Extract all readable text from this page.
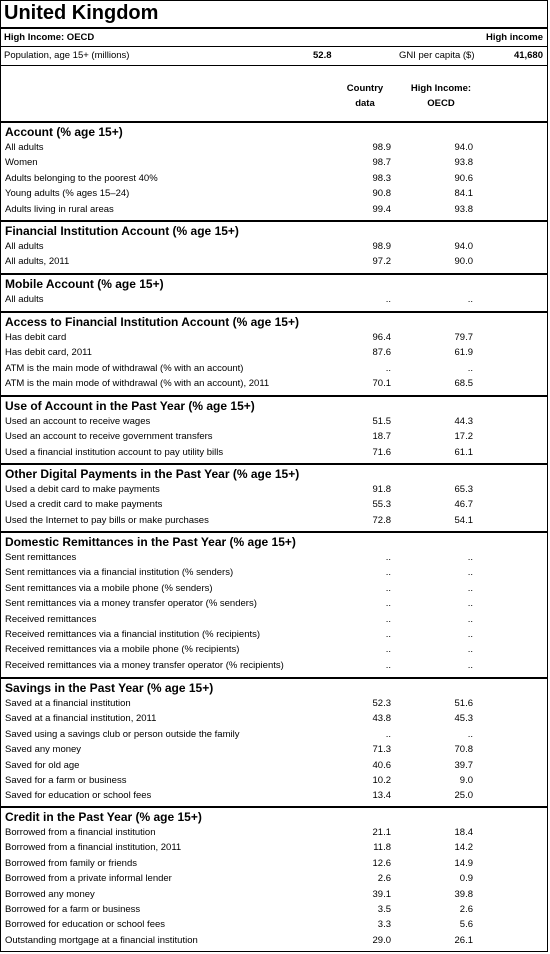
United Kingdom
High Income: OECD	High income
Population, age 15+ (millions)	52.8	GNI per capita ($)	41,680
Country
data
High Income:
OECD
Account (% age 15+)
All adults	98.9	94.0
Women	98.7	93.8
Adults belonging to the poorest 40%	98.3	90.6
Young adults (% ages 15–24)	90.8	84.1
Adults living in rural areas	99.4	93.8
Financial Institution Account (% age 15+)
All adults	98.9	94.0
All adults, 2011	97.2	90.0
Mobile Account (% age 15+)
All adults	..	..
Access to Financial Institution Account (% age 15+)
Has debit card	96.4	79.7
Has debit card, 2011	87.6	61.9
ATM is the main mode of withdrawal (% with an account)	..	..
ATM is the main mode of withdrawal (% with an account), 2011	70.1	68.5
Use of Account in the Past Year (% age 15+)
Used an account to receive wages	51.5	44.3
Used an account to receive government transfers	18.7	17.2
Used a financial institution account to pay utility bills	71.6	61.1
Other Digital Payments in the Past Year (% age 15+)
Used a debit card to make payments	91.8	65.3
Used a credit card to make payments	55.3	46.7
Used the Internet to pay bills or make purchases	72.8	54.1
Domestic Remittances in the Past Year (% age 15+)
Sent remittances	..	..
Sent remittances via a financial institution (% senders)	..	..
Sent remittances via a mobile phone (% senders)	..	..
Sent remittances via a money transfer operator (% senders)	..	..
Received remittances	..	..
Received remittances via a financial institution (% recipients)	..	..
Received remittances via a mobile phone (% recipients)	..	..
Received remittances via a money transfer operator (% recipients)	..	..
Savings in the Past Year (% age 15+)
Saved at a financial institution	52.3	51.6
Saved at a financial institution, 2011	43.8	45.3
Saved using a savings club or person outside the family	..	..
Saved any money	71.3	70.8
Saved for old age	40.6	39.7
Saved for a farm or business	10.2	9.0
Saved for education or school fees	13.4	25.0
Credit in the Past Year (% age 15+)
Borrowed from a financial institution	21.1	18.4
Borrowed from a financial institution, 2011	11.8	14.2
Borrowed from family or friends	12.6	14.9
Borrowed from a private informal lender	2.6	0.9
Borrowed any money	39.1	39.8
Borrowed for a farm or business	3.5	2.6
Borrowed for education or school fees	3.3	5.6
Outstanding mortgage at a financial institution	29.0	26.1
